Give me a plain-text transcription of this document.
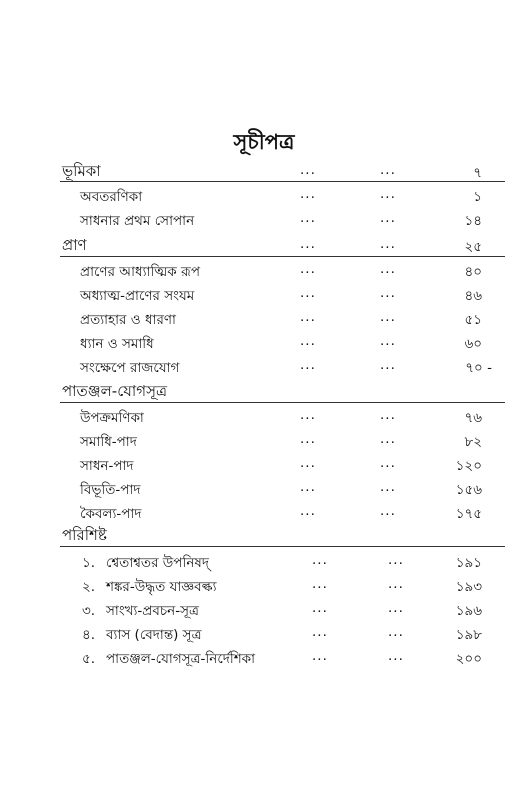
সূচীপত্র
ভূমিকা	...	...	৭
অবতরণিকা	...	...	১
সাধনার প্রথম সোপান	...	...	১৪
প্রাণ	...	...	২৫
প্রাণের আধ্যাত্মিক রূপ	...	...	৪০
অধ্যাত্ম-প্রাণের সংযম	...	...	৪৬
প্রত্যাহার ও ধারণা	...	...	৫১
ধ্যান ও সমাধি	...	...	৬০
সংক্ষেপে রাজযোগ	...	...	৭০ -
পাতঞ্জল-যোগসূত্র
উপক্রমণিকা	...	...	৭৬
সমাধি-পাদ	...	...	৮২
সাধন-পাদ	...	...	১২০
বিভূতি-পাদ	...	...	১৫৬
কৈবল্য-পাদ	...	...	১৭৫
পরিশিষ্ট
১. শ্বেতাশ্বতর উপনিষদ্	...	...	১৯১
২. শঙ্কর-উদ্ধৃত যাজ্ঞবল্ক্য	...	...	১৯৩
৩. সাংখ্য-প্রবচন-সূত্র	...	...	১৯৬
৪. ব্যাস (বেদান্ত) সূত্র	...	...	১৯৮
৫. পাতঞ্জল-যোগসূত্র-নির্দেশিকা	...	...	২০০
